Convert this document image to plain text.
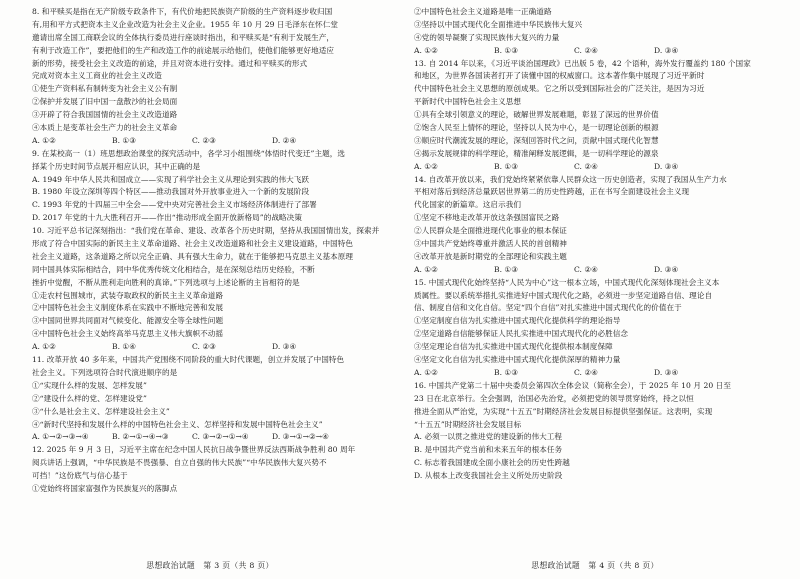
8. 和平赎买是指在无产阶级专政条件下，有代价地把民族资产阶级的生产资料逐步收归国
有,用和平方式把资本主义企业改造为社会主义企业。1955 年 10 月 29 日毛泽东在怀仁堂
邀请出席全国工商联会议的全体执行委员进行座谈时指出，和平赎买是“有利于发展生产，
有利于改造工作”，要把他们的生产和改造工作的前途展示给他们，使他们能够更好地适应
新的形势，接受社会主义改造的前途，并且对资本进行安排。通过和平赎买的形式
完成对资本主义工商业的社会主义改造
①使生产资料私有制转变为社会主义公有制
②保护并发展了旧中国一盘散沙的社会局面
③开辟了符合我国国情的社会主义改造道路
④本质上是变革社会生产力的社会主义革命
A. ①②	B. ①③	C. ②③	D. ②④
9. 在某校高一（1）班思想政治课堂的探究活动中，各学习小组围绕“体悟时代变迁”主题，选
择某个历史时间节点展开相应认识，其中正确的是
A. 1949 年中华人民共和国成立——实现了科学社会主义从理论到实践的伟大飞跃
B. 1980 年设立深圳等四个特区——推动我国对外开放事业进入一个新的发展阶段
C. 1993 年党的十四届三中全会——党中央对完善社会主义市场经济体制进行了部署
D. 2017 年党的十九大胜利召开——作出“推动形成全面开放新格局”的战略决策
10. 习近平总书记深刻指出：“我们党在革命、建设、改革各个历史时期，坚持从我国国情出发，探索并
形成了符合中国实际的新民主主义革命道路、社会主义改造道路和社会主义建设道路，中国特色
社会主义道路，这条道路之所以完全正确、具有强大生命力，就在于能够把马克思主义基本原理
同中国具体实际相结合，同中华优秀传统文化相结合，是在深刻总结历史经验，不断
挫折中觉醒，不断从胜利走向胜利的真谛。”下列选项与上述论断的主旨相符的是
①走农村包围城市，武装夺取政权的新民主主义革命道路
②中国特色社会主义制度体系在实践中不断地完善和发展
③中国同世界共同面对气候变化、能源安全等全球性问题
④中国特色社会主义始终高举马克思主义伟大旗帜不动摇
A. ①②	B. ①④	C. ②③	D. ③④
11. 改革开放 40 多年来，中国共产党围绕不同阶段的重大时代课题，创立并发展了中国特色
社会主义。下列选项符合时代演进顺序的是
①“实现什么样的发展、怎样发展”
②“建设什么样的党、怎样建设党”
③“什么是社会主义、怎样建设社会主义”
④“新时代坚持和发展什么样的中国特色社会主义、怎样坚持和发展中国特色社会主义”
A. ①→②→③→④	B. ②→①→④→③	C. ③→②→①→④	D. ③→①→②→④
12. 2025 年 9 月 3 日，习近平主席在纪念中国人民抗日战争暨世界反法西斯战争胜利 80 周年
阅兵讲话上强调，“中华民族是不畏强暴、自立自强的伟大民族”“中华民族伟大复兴势不
可挡！”这份底气与信心基于
①党始终将国家富强作为民族复兴的落脚点
思想政治试题   第 3 页（共 8 页）
②中国特色社会主义道路是唯一正确道路
③坚持以中国式现代化全面推进中华民族伟大复兴
④党的领导凝聚了实现民族伟大复兴的力量
A. ①②	B. ①③	C. ②④	D. ③④
13. 自 2014 年以来，《习近平谈治国理政》已出版 5 卷，42 个语种，海外发行覆盖约 180 个国家
和地区，为世界各国读者打开了读懂中国的权威窗口。这本著作集中展现了习近平新时
代中国特色社会主义思想的原创成果。它之所以受到国际社会的广泛关注，是因为习近
平新时代中国特色社会主义思想
①具有全球引领意义的理论，破解世界发展难题，彰显了深远的世界价值
②饱含人民至上情怀的理论，坚持以人民为中心，是一切理论创新的根源
③顺应时代潮流发展的理论，深刻回答时代之问，贡献中国式现代化智慧
④揭示发展规律的科学理论，精准阐释发展逻辑，是一切科学理论的源泉
A. ①②	B. ①③	C. ②④	D. ③④
14. 自改革开放以来，我们党始终紧紧依靠人民群众这一历史创造者，实现了我国从生产力水
平相对落后到经济总量跃居世界第二的历史性跨越，正在书写全面建设社会主义现
代化国家的新篇章。这启示我们
①坚定不移地走改革开放这条强国富民之路
②人民群众是全面推进现代化事业的根本保证
③中国共产党始终尊重并激活人民的首创精神
④改革开放是新时期党的全部理论和实践主题
A. ①②	B. ①③	C. ②④	D. ③④
15. 中国式现代化始终坚持“人民为中心”这一根本立场，中国式现代化深刻体现社会主义本
质属性。要以系统举措扎实推进好中国式现代化之路，必须进一步坚定道路自信、理论自
信、制度自信和文化自信。坚定“四个自信”对扎实推进中国式现代化的价值在于
①坚定制度自信为扎实推进中国式现代化提供科学的理论指导
②坚定道路自信能够保证人民扎实推进中国式现代化的必胜信念
③坚定理论自信为扎实推进中国式现代化提供根本制度保障
④坚定文化自信为扎实推进中国式现代化提供深厚的精神力量
A. ①②	B. ①③	C. ②④	D. ③④
16. 中国共产党第二十届中央委员会第四次全体会议（简称全会），于 2025 年 10 月 20 日至
23 日在北京举行。全会强调，治国必先治党，必须把党的领导贯穿始终，持之以恒
推进全面从严治党，为实现“十五五”时期经济社会发展目标提供坚强保证。这表明，实现
“十五五”时期经济社会发展目标
A. 必须一以贯之推进党的建设新的伟大工程
B. 是中国共产党当前和未来五年的根本任务
C. 标志着我国建成全面小康社会的历史性跨越
D. 从根本上改变我国社会主义所处历史阶段
思想政治试题   第 4 页（共 8 页）
